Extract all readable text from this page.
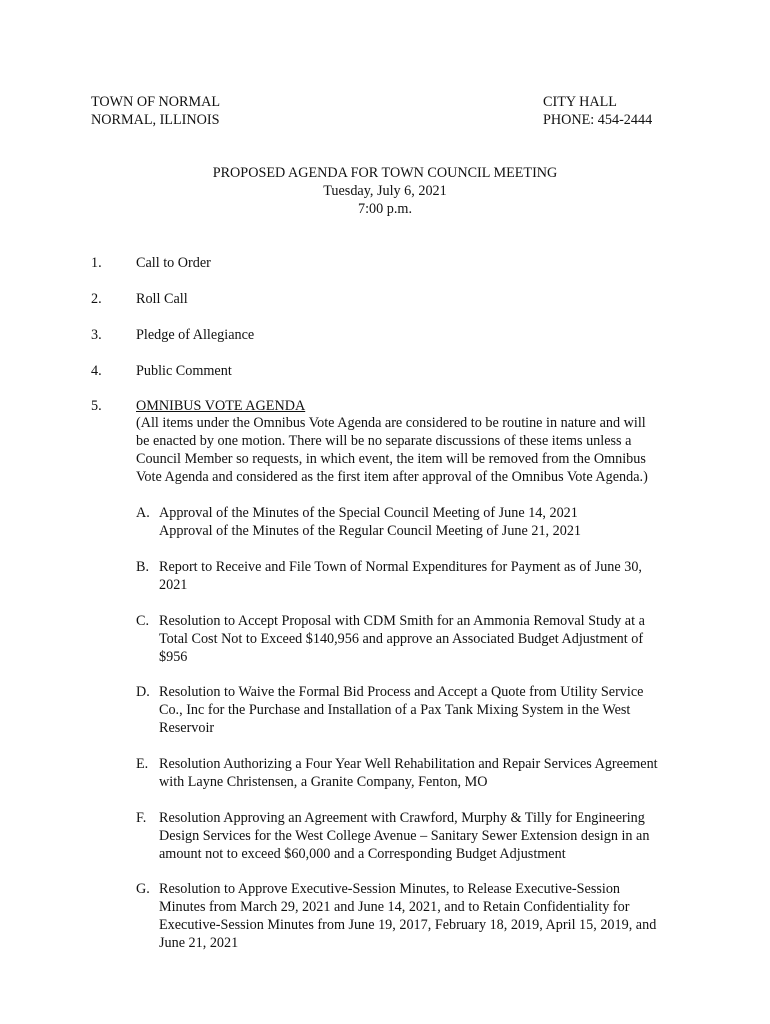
TOWN OF NORMAL
NORMAL, ILLINOIS
CITY HALL
PHONE: 454-2444
PROPOSED AGENDA FOR TOWN COUNCIL MEETING
Tuesday, July 6, 2021
7:00 p.m.
1.	Call to Order
2.	Roll Call
3.	Pledge of Allegiance
4.	Public Comment
5.	OMNIBUS VOTE AGENDA
(All items under the Omnibus Vote Agenda are considered to be routine in nature and will
be enacted by one motion. There will be no separate discussions of these items unless a
Council Member so requests, in which event, the item will be removed from the Omnibus
Vote Agenda and considered as the first item after approval of the Omnibus Vote Agenda.)
A. Approval of the Minutes of the Special Council Meeting of June 14, 2021
Approval of the Minutes of the Regular Council Meeting of June 21, 2021
B. Report to Receive and File Town of Normal Expenditures for Payment as of June 30,
2021
C. Resolution to Accept Proposal with CDM Smith for an Ammonia Removal Study at a
Total Cost Not to Exceed $140,956 and approve an Associated Budget Adjustment of
$956
D. Resolution to Waive the Formal Bid Process and Accept a Quote from Utility Service
Co., Inc for the Purchase and Installation of a Pax Tank Mixing System in the West
Reservoir
E. Resolution Authorizing a Four Year Well Rehabilitation and Repair Services Agreement
with Layne Christensen, a Granite Company, Fenton, MO
F. Resolution Approving an Agreement with Crawford, Murphy & Tilly for Engineering
Design Services for the West College Avenue – Sanitary Sewer Extension design in an
amount not to exceed $60,000 and a Corresponding Budget Adjustment
G. Resolution to Approve Executive-Session Minutes, to Release Executive-Session
Minutes from March 29, 2021 and June 14, 2021, and to Retain Confidentiality for
Executive-Session Minutes from June 19, 2017, February 18, 2019, April 15, 2019, and
June 21, 2021
